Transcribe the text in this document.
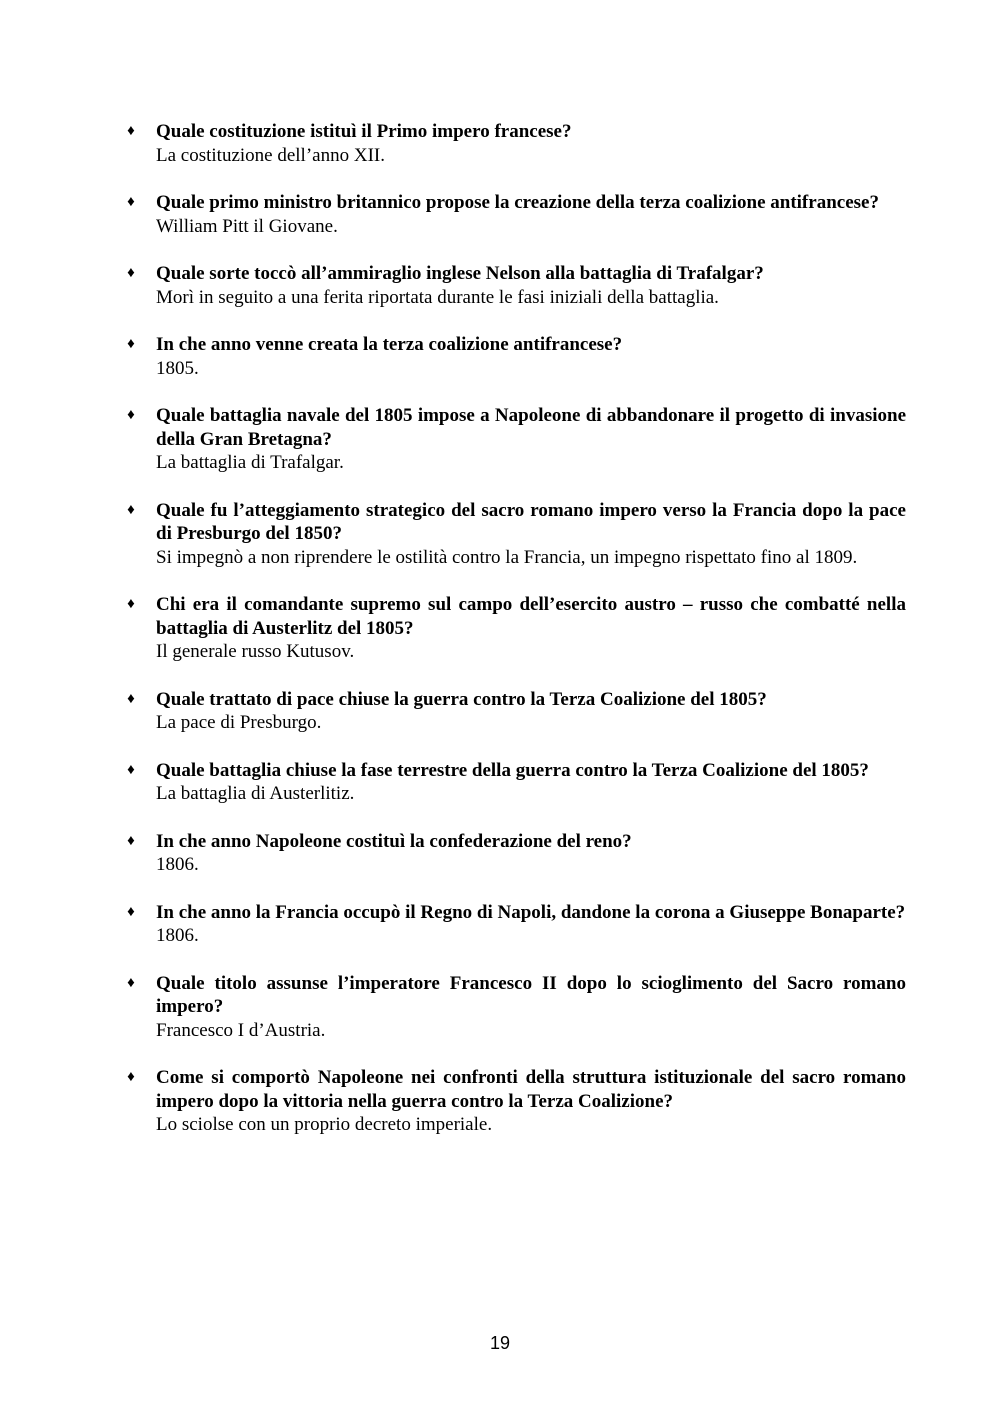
♦ Quale costituzione istituì il Primo impero francese?
La costituzione dell’anno XII.
♦ Quale primo ministro britannico propose la creazione della terza coalizione antifrancese?
William Pitt il Giovane.
♦ Quale sorte toccò all’ammiraglio inglese Nelson alla battaglia di Trafalgar?
Morì in seguito a una ferita riportata durante le fasi iniziali della battaglia.
♦ In che anno venne creata la terza coalizione antifrancese?
1805.
♦ Quale battaglia navale del 1805 impose a Napoleone di abbandonare il progetto di invasione della Gran Bretagna?
La battaglia di Trafalgar.
♦ Quale fu l’atteggiamento strategico del sacro romano impero verso la Francia dopo la pace di Presburgo del 1850?
Si impegnò a non riprendere le ostilità contro la Francia, un impegno rispettato fino al 1809.
♦ Chi era il comandante supremo sul campo dell’esercito austro – russo che combatté nella battaglia di Austerlitz del 1805?
Il generale russo Kutusov.
♦ Quale trattato di pace chiuse la guerra contro la Terza Coalizione del 1805?
La pace di Presburgo.
♦ Quale battaglia chiuse la fase terrestre della guerra contro la Terza Coalizione del 1805?
La battaglia di Austerlitiz.
♦ In che anno Napoleone costituì la confederazione del reno?
1806.
♦ In che anno la Francia occupò il Regno di Napoli, dandone la corona a Giuseppe Bonaparte?
1806.
♦ Quale titolo assunse l’imperatore Francesco II dopo lo scioglimento del Sacro romano impero?
Francesco I d’Austria.
♦ Come si comportò Napoleone nei confronti della struttura istituzionale del sacro romano impero dopo la vittoria nella guerra contro la Terza Coalizione?
Lo sciolse con un proprio decreto imperiale.
19
